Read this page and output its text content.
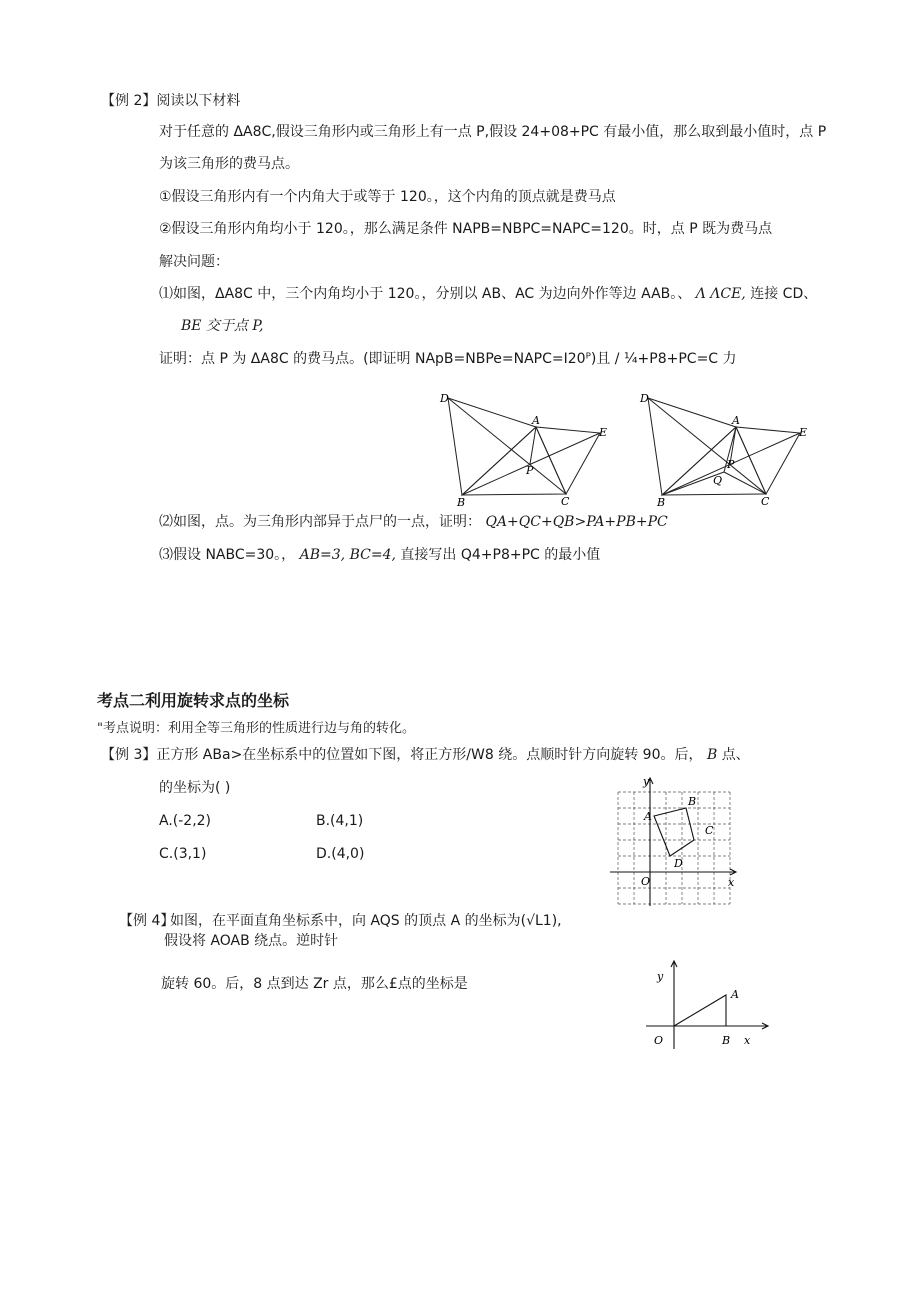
【例 2】阅读以下材料
对于任意的 ΔA8C,假设三角形内或三角形上有一点 P,假设 24+08+PC 有最小值，那么取到最小值时，点 P
为该三角形的费马点。
①假设三角形内有一个内角大于或等于 120。，这个内角的顶点就是费马点
②假设三角形内角均小于 120。，那么满足条件 NAPB=NBPC=NAPC=120。时，点 P 既为费马点
解决问题：
⑴如图，ΔA8C 中，三个内角均小于 120。，分别以 AB、AC 为边向外作等边 AAB。、 Λ ΛCE, 连接 CD、
BE 交于点 P,
证明：点 P 为 ΔA8C 的费马点。(即证明 NApB=NBPe=NAPC=I20ᴾ)且 / ¼+P8+PC=C 力
D
A
E
P
B	C
D
A
E
P
Q
B	C
⑵如图，点。为三角形内部异于点尸的一点，证明： QA+QC+QB>PA+PB+PC
⑶假设 NABC=30。， AB=3, BC=4, 直接写出 Q4+P8+PC 的最小值
考点二利用旋转求点的坐标
"考点说明：利用全等三角形的性质进行边与角的转化。
【例 3】正方形 ABa>在坐标系中的位置如下图，将正方形/W8 绕。点顺时针方向旋转 90。后， B 点、
的坐标为( )
A.(-2,2)	B.(4,1)
C.(3,1)	D.(4,0)
y
x
O
A
B
C
D
【例 4】
如图，在平面直角坐标系中，向 AQS 的顶点 A 的坐标为(√L1),
假设将 AOAB 绕点。逆时针
旋转 60。后，8 点到达 Zr 点，那么£点的坐标是	y
x
O
A
B
